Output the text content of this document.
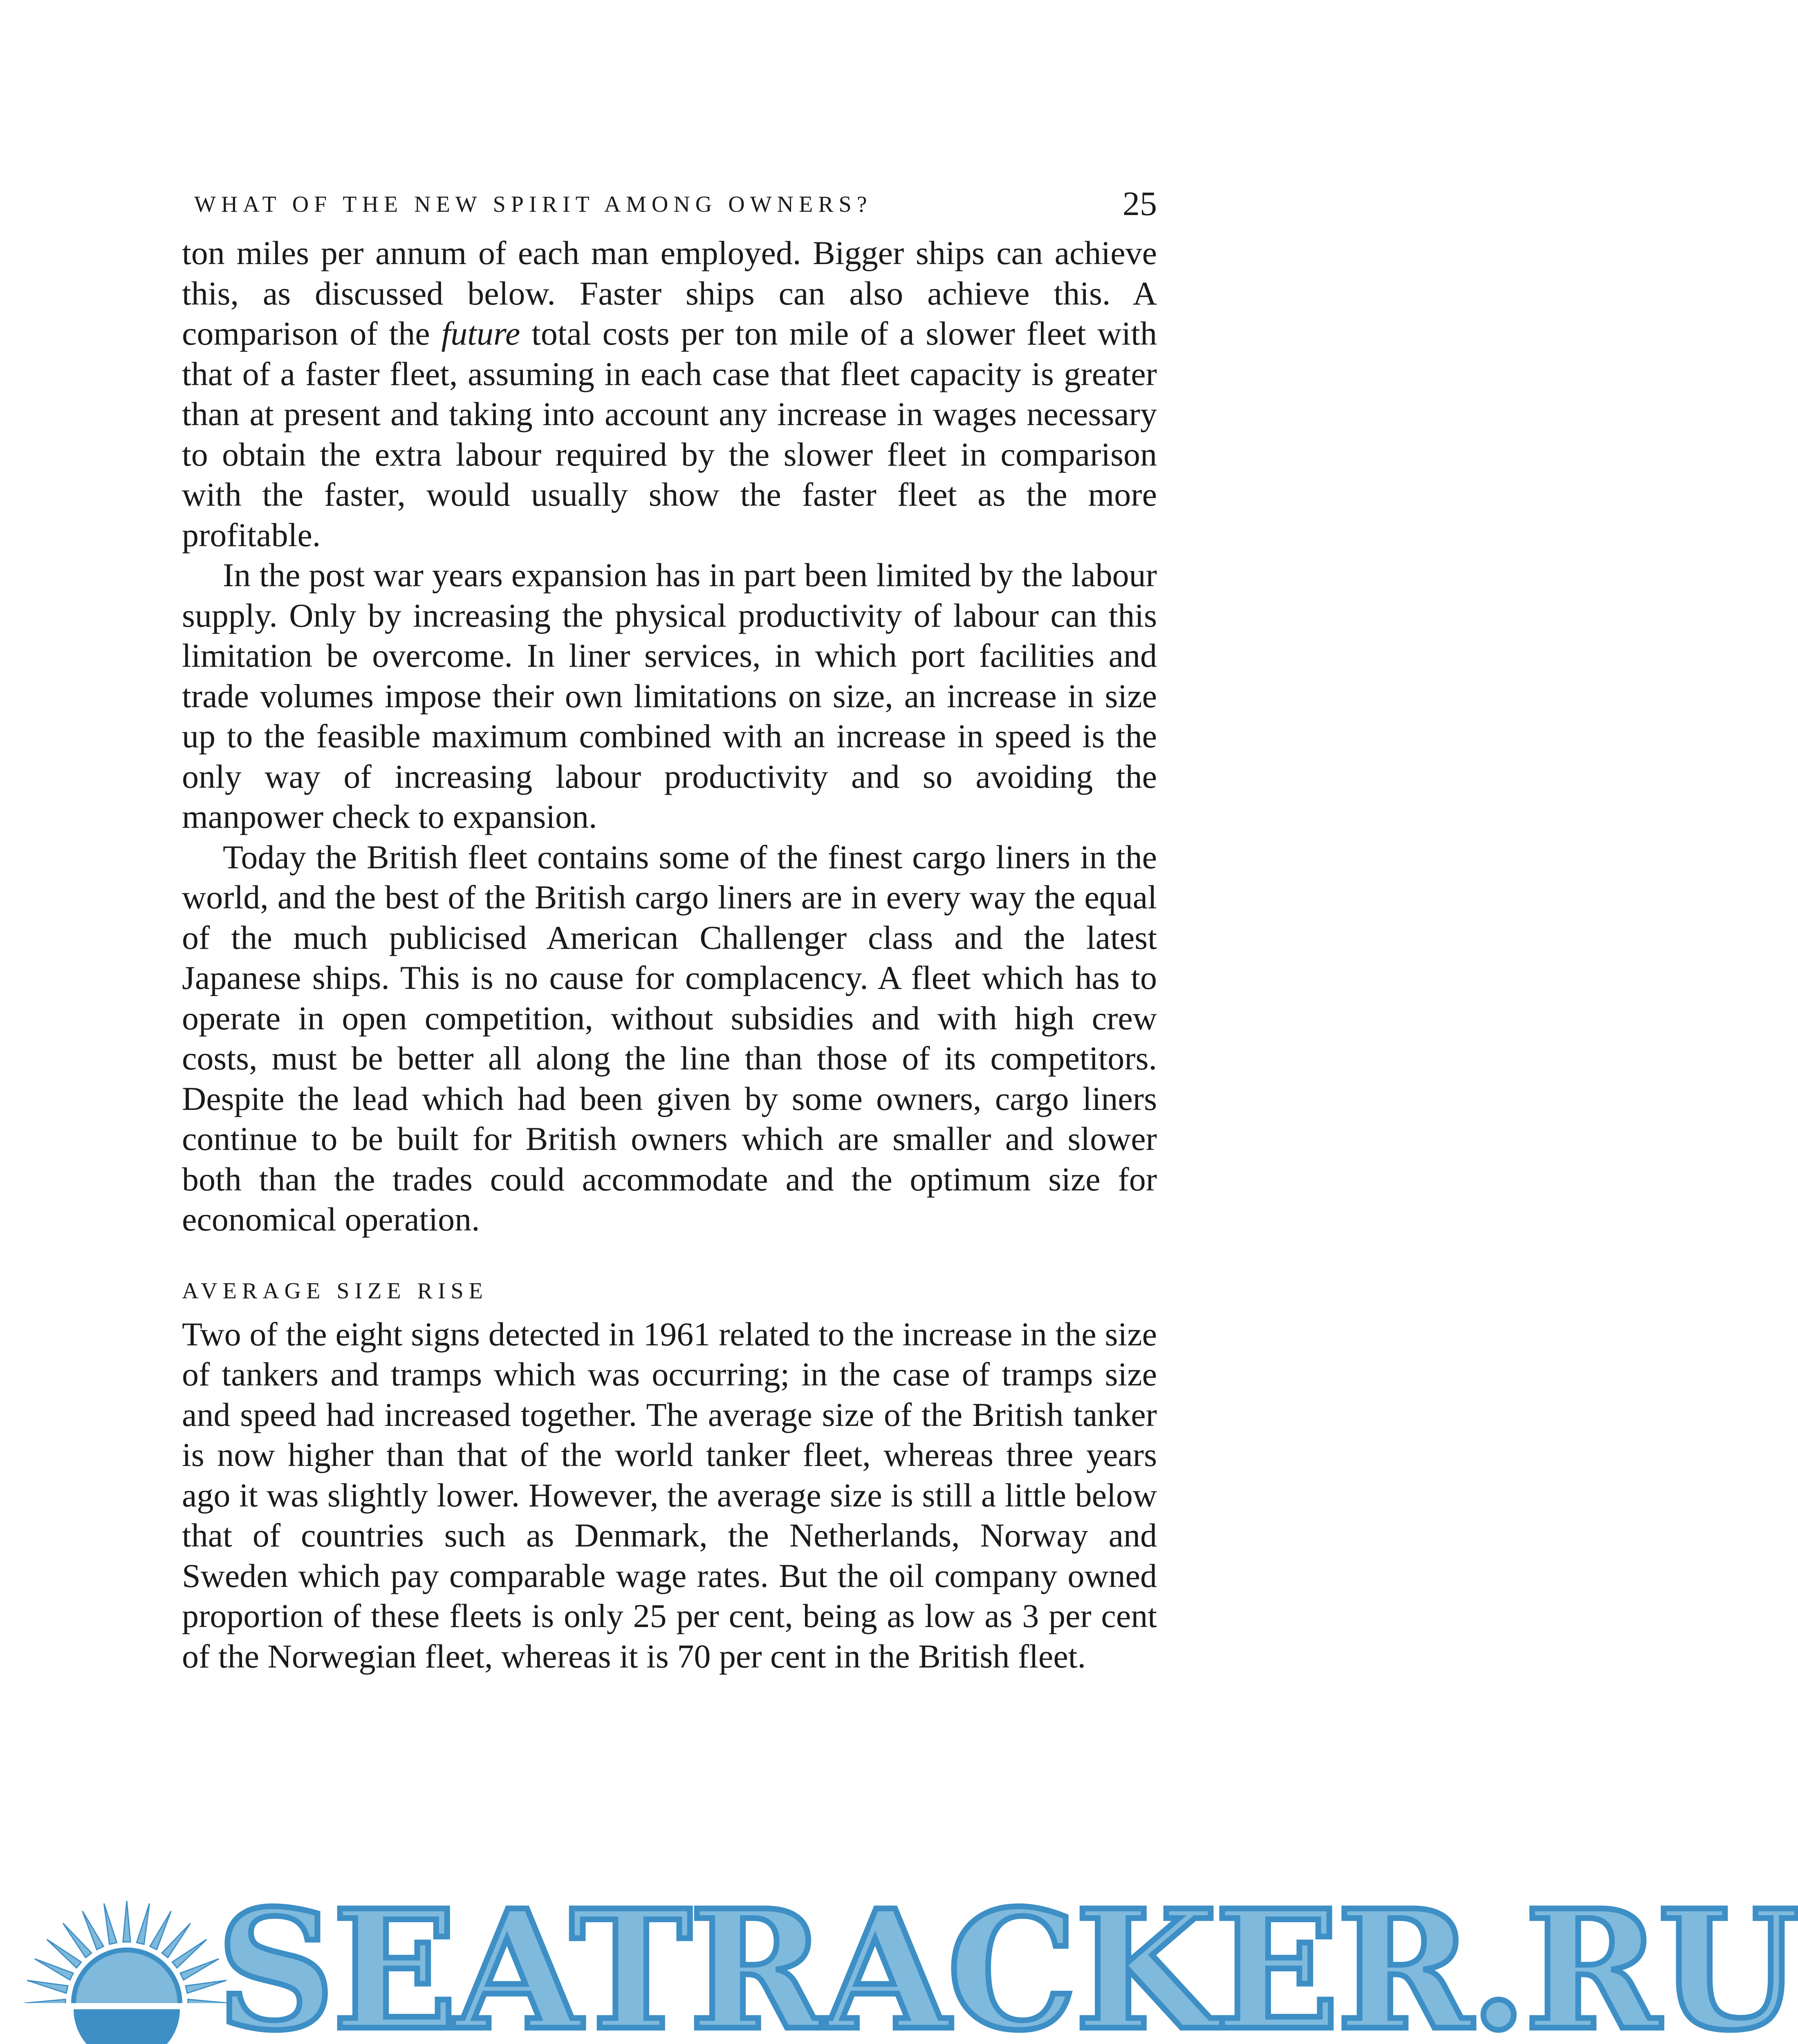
WHAT OF THE NEW SPIRIT AMONG OWNERS?	25

ton miles per annum of each man employed. Bigger ships can achieve this, as discussed below. Faster ships can also achieve this. A comparison of the future total costs per ton mile of a slower fleet with that of a faster fleet, assuming in each case that fleet capacity is greater than at present and taking into account any increase in wages necessary to obtain the extra labour required by the slower fleet in comparison with the faster, would usually show the faster fleet as the more profitable.

In the post war years expansion has in part been limited by the labour supply. Only by increasing the physical productivity of labour can this limitation be overcome. In liner services, in which port facilities and trade volumes impose their own limitations on size, an increase in size up to the feasible maximum combined with an increase in speed is the only way of increasing labour productivity and so avoiding the manpower check to expansion.

Today the British fleet contains some of the finest cargo liners in the world, and the best of the British cargo liners are in every way the equal of the much publicised American Challenger class and the latest Japanese ships. This is no cause for complacency. A fleet which has to operate in open competition, without subsidies and with high crew costs, must be better all along the line than those of its competitors. Despite the lead which had been given by some owners, cargo liners continue to be built for British owners which are smaller and slower both than the trades could accommodate and the optimum size for economical operation.

AVERAGE SIZE RISE

Two of the eight signs detected in 1961 related to the increase in the size of tankers and tramps which was occurring; in the case of tramps size and speed had increased together. The average size of the British tanker is now higher than that of the world tanker fleet, whereas three years ago it was slightly lower. However, the average size is still a little below that of countries such as Denmark, the Netherlands, Norway and Sweden which pay comparable wage rates. But the oil company owned proportion of these fleets is only 25 per cent, being as low as 3 per cent of the Norwegian fleet, whereas it is 70 per cent in the British fleet.

SEATRACKER.RU
